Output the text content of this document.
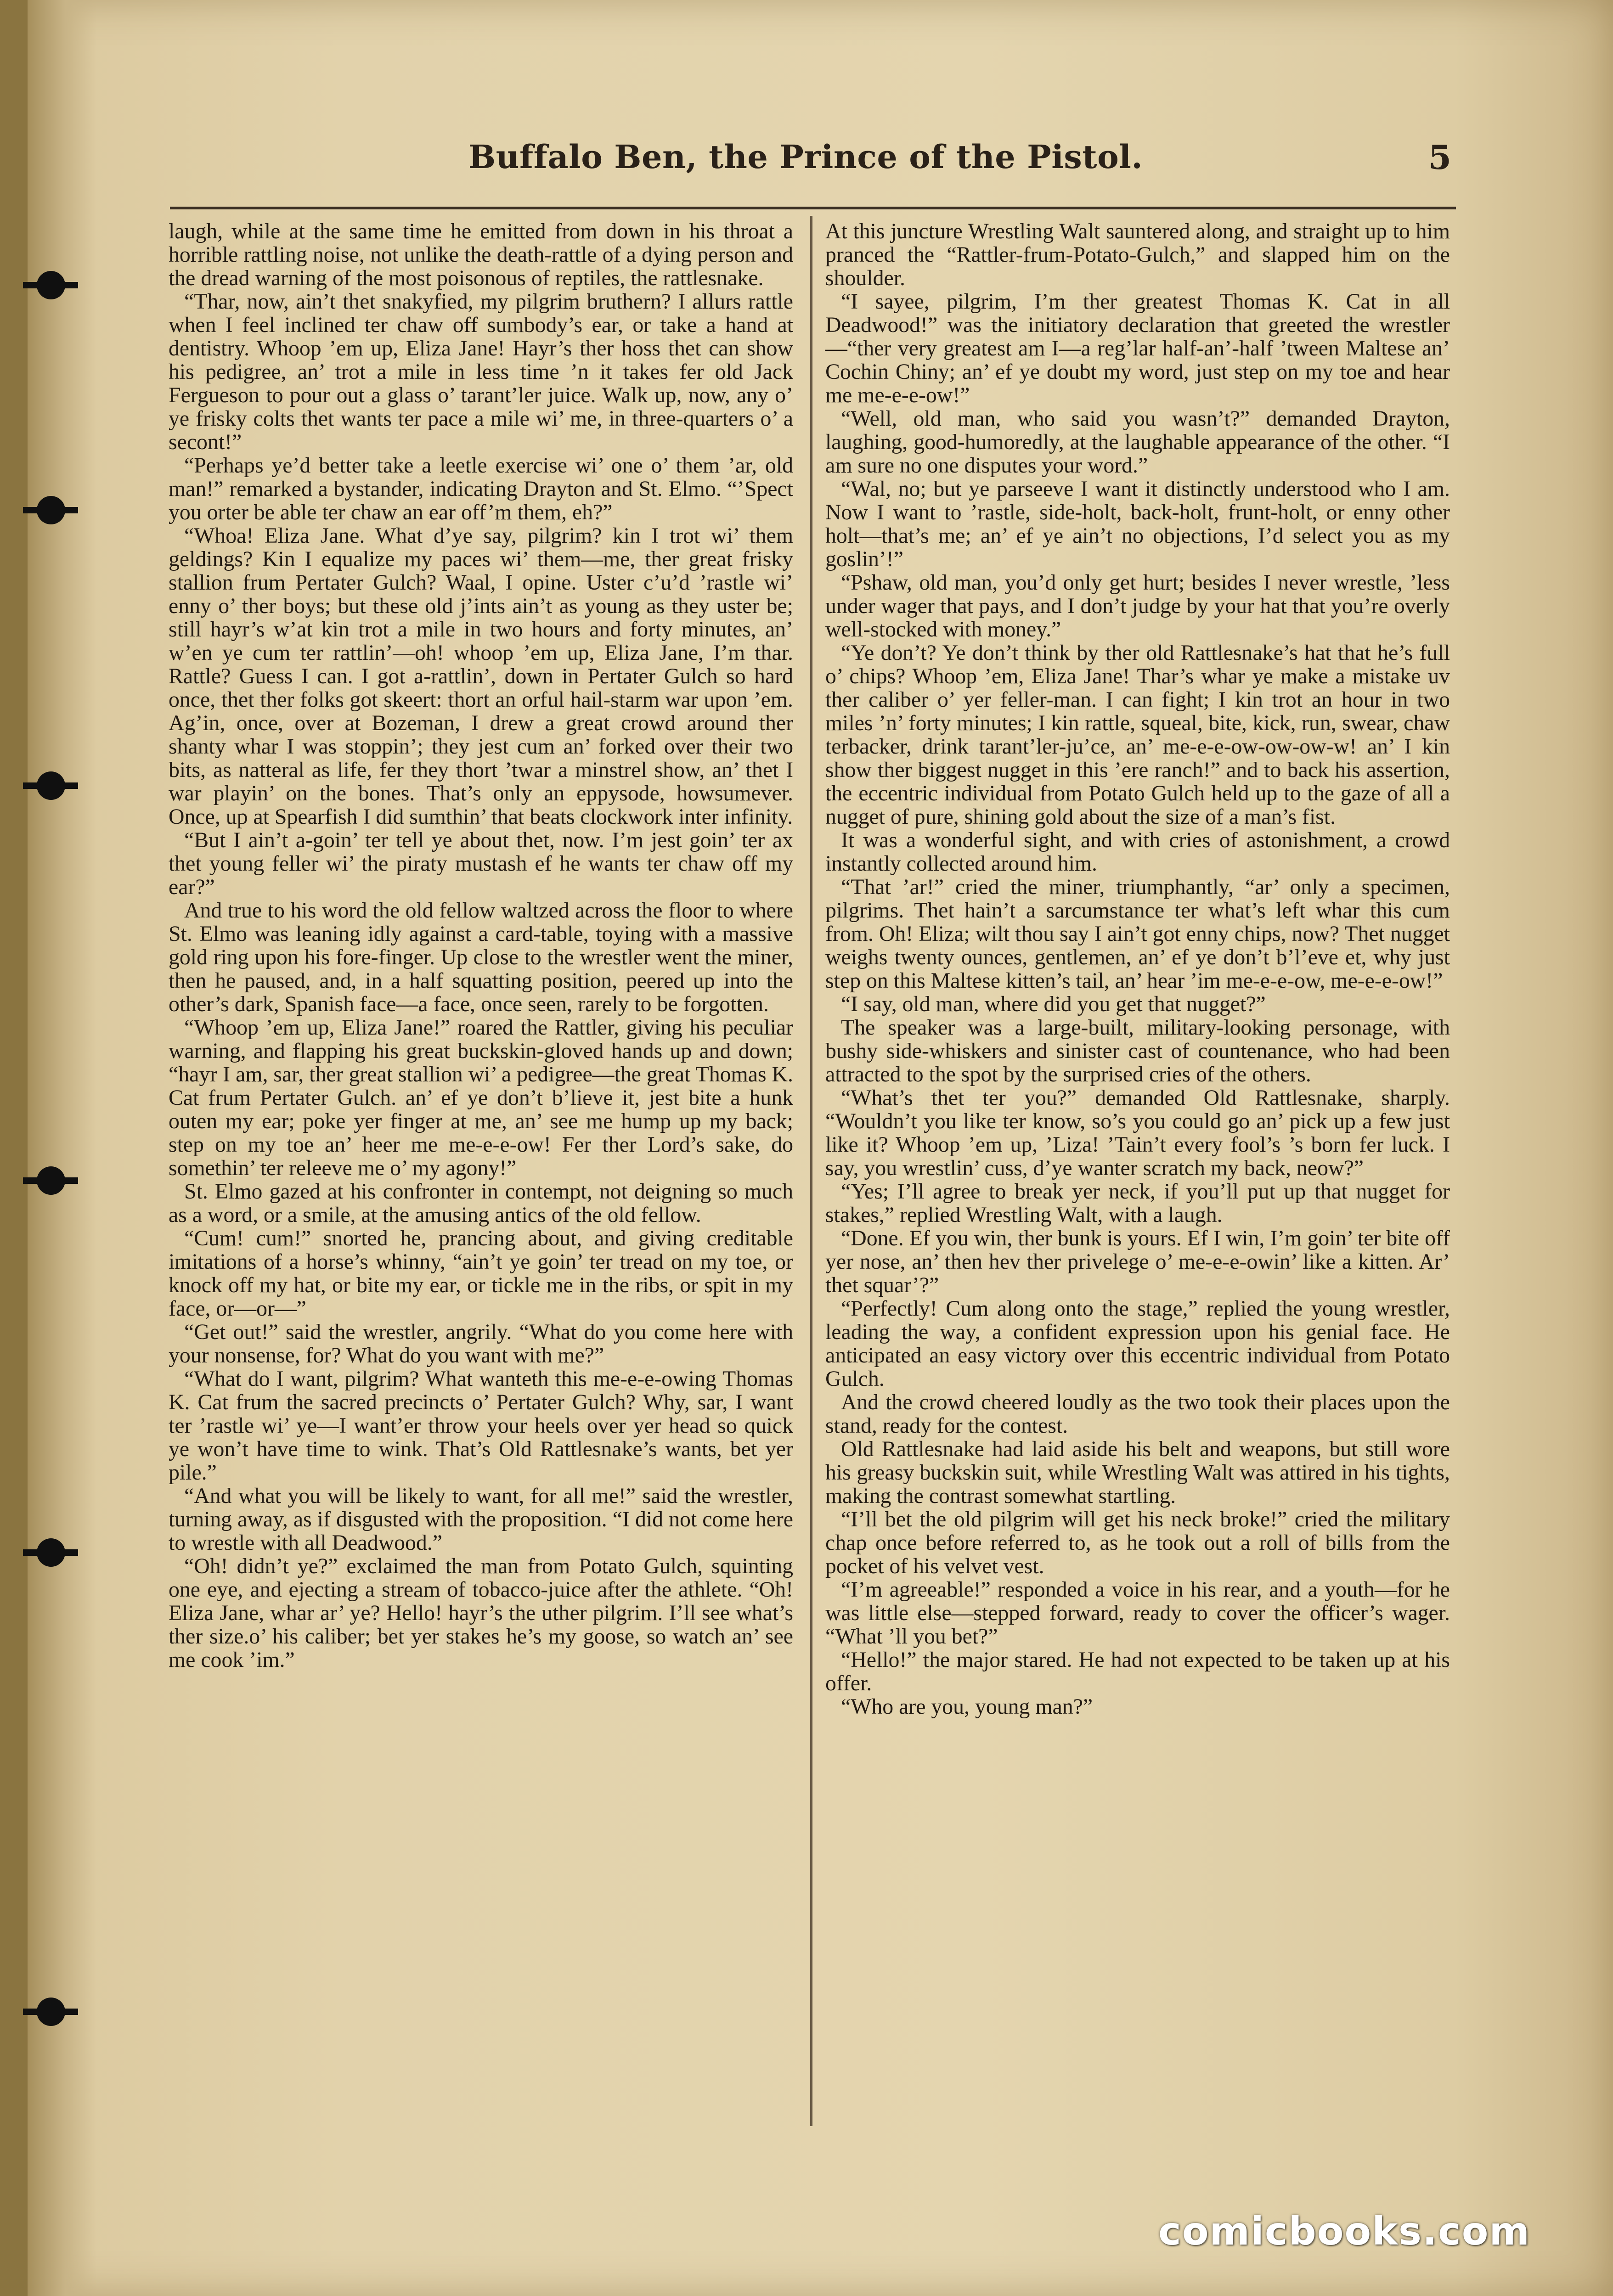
Buffalo Ben, the Prince of the Pistol.	5

laugh, while at the same time he emitted from down in his throat a horrible rattling noise, not unlike the death-rattle of a dying person and the dread warning of the most poisonous of reptiles, the rattlesnake.

“Thar, now, ain’t thet snakyfied, my pilgrim bruthern? I allurs rattle when I feel inclined ter chaw off sumbody’s ear, or take a hand at dentistry. Whoop ’em up, Eliza Jane! Hayr’s ther hoss thet can show his pedigree, an’ trot a mile in less time ’n it takes fer old Jack Fergueson to pour out a glass o’ tarant’ler juice. Walk up, now, any o’ ye frisky colts thet wants ter pace a mile wi’ me, in three-quarters o’ a secont!”

“Perhaps ye’d better take a leetle exercise wi’ one o’ them ’ar, old man!” remarked a bystander, indicating Drayton and St. Elmo. “’Spect you orter be able ter chaw an ear off’m them, eh?”

“Whoa! Eliza Jane. What d’ye say, pilgrim? kin I trot wi’ them geldings? Kin I equalize my paces wi’ them—me, ther great frisky stallion frum Pertater Gulch? Waal, I opine. Uster c’u’d ’rastle wi’ enny o’ ther boys; but these old j’ints ain’t as young as they uster be; still hayr’s w’at kin trot a mile in two hours and forty minutes, an’ w’en ye cum ter rattlin’—oh! whoop ’em up, Eliza Jane, I’m thar. Rattle? Guess I can. I got a-rattlin’, down in Pertater Gulch so hard once, thet ther folks got skeert: thort an orful hail-starm war upon ’em. Ag’in, once, over at Bozeman, I drew a great crowd around ther shanty whar I was stoppin’; they jest cum an’ forked over their two bits, as natteral as life, fer they thort ’twar a minstrel show, an’ thet I war playin’ on the bones. That’s only an eppysode, howsumever. Once, up at Spearfish I did sumthin’ that beats clockwork inter infinity.

“But I ain’t a-goin’ ter tell ye about thet, now. I’m jest goin’ ter ax thet young feller wi’ the piraty mustash ef he wants ter chaw off my ear?”

And true to his word the old fellow waltzed across the floor to where St. Elmo was leaning idly against a card-table, toying with a massive gold ring upon his fore-finger. Up close to the wrestler went the miner, then he paused, and, in a half squatting position, peered up into the other’s dark, Spanish face—a face, once seen, rarely to be forgotten.

“Whoop ’em up, Eliza Jane!” roared the Rattler, giving his peculiar warning, and flapping his great buckskin-gloved hands up and down; “hayr I am, sar, ther great stallion wi’ a pedigree—the great Thomas K. Cat frum Pertater Gulch. an’ ef ye don’t b’lieve it, jest bite a hunk outen my ear; poke yer finger at me, an’ see me hump up my back; step on my toe an’ heer me me-e-e-ow! Fer ther Lord’s sake, do somethin’ ter releeve me o’ my agony!”

St. Elmo gazed at his confronter in contempt, not deigning so much as a word, or a smile, at the amusing antics of the old fellow.

“Cum! cum!” snorted he, prancing about, and giving creditable imitations of a horse’s whinny, “ain’t ye goin’ ter tread on my toe, or knock off my hat, or bite my ear, or tickle me in the ribs, or spit in my face, or—or—”

“Get out!” said the wrestler, angrily. “What do you come here with your nonsense, for? What do you want with me?”

“What do I want, pilgrim? What wanteth this me-e-e-owing Thomas K. Cat frum the sacred precincts o’ Pertater Gulch? Why, sar, I want ter ’rastle wi’ ye—I want’er throw your heels over yer head so quick ye won’t have time to wink. That’s Old Rattlesnake’s wants, bet yer pile.”

“And what you will be likely to want, for all me!” said the wrestler, turning away, as if disgusted with the proposition. “I did not come here to wrestle with all Deadwood.”

“Oh! didn’t ye?” exclaimed the man from Potato Gulch, squinting one eye, and ejecting a stream of tobacco-juice after the athlete. “Oh! Eliza Jane, whar ar’ ye? Hello! hayr’s the uther pilgrim. I’ll see what’s ther size.o’ his caliber; bet yer stakes he’s my goose, so watch an’ see me cook ’im.”

At this juncture Wrestling Walt sauntered along, and straight up to him pranced the “Rattler-frum-Potato-Gulch,” and slapped him on the shoulder.

“I sayee, pilgrim, I’m ther greatest Thomas K. Cat in all Deadwood!” was the initiatory declaration that greeted the wrestler—“ther very greatest am I—a reg’lar half-an’-half ’tween Maltese an’ Cochin Chiny; an’ ef ye doubt my word, just step on my toe and hear me me-e-e-ow!”

“Well, old man, who said you wasn’t?” demanded Drayton, laughing, good-humoredly, at the laughable appearance of the other. “I am sure no one disputes your word.”

“Wal, no; but ye parseeve I want it distinctly understood who I am. Now I want to ’rastle, side-holt, back-holt, frunt-holt, or enny other holt—that’s me; an’ ef ye ain’t no objections, I’d select you as my goslin’!”

“Pshaw, old man, you’d only get hurt; besides I never wrestle, ’less under wager that pays, and I don’t judge by your hat that you’re overly well-stocked with money.”

“Ye don’t? Ye don’t think by ther old Rattlesnake’s hat that he’s full o’ chips? Whoop ’em, Eliza Jane! Thar’s whar ye make a mistake uv ther caliber o’ yer feller-man. I can fight; I kin trot an hour in two miles ’n’ forty minutes; I kin rattle, squeal, bite, kick, run, swear, chaw terbacker, drink tarant’ler-ju’ce, an’ me-e-e-ow-ow-ow-w! an’ I kin show ther biggest nugget in this ’ere ranch!” and to back his assertion, the eccentric individual from Potato Gulch held up to the gaze of all a nugget of pure, shining gold about the size of a man’s fist.

It was a wonderful sight, and with cries of astonishment, a crowd instantly collected around him.

“That ’ar!” cried the miner, triumphantly, “ar’ only a specimen, pilgrims. Thet hain’t a sarcumstance ter what’s left whar this cum from. Oh! Eliza; wilt thou say I ain’t got enny chips, now? Thet nugget weighs twenty ounces, gentlemen, an’ ef ye don’t b’l’eve et, why just step on this Maltese kitten’s tail, an’ hear ’im me-e-e-ow, me-e-e-ow!”

“I say, old man, where did you get that nugget?”

The speaker was a large-built, military-looking personage, with bushy side-whiskers and sinister cast of countenance, who had been attracted to the spot by the surprised cries of the others.

“What’s thet ter you?” demanded Old Rattlesnake, sharply. “Wouldn’t you like ter know, so’s you could go an’ pick up a few just like it? Whoop ’em up, ’Liza! ’Tain’t every fool’s ’s born fer luck. I say, you wrestlin’ cuss, d’ye wanter scratch my back, neow?”

“Yes; I’ll agree to break yer neck, if you’ll put up that nugget for stakes,” replied Wrestling Walt, with a laugh.

“Done. Ef you win, ther bunk is yours. Ef I win, I’m goin’ ter bite off yer nose, an’ then hev ther privelege o’ me-e-e-owin’ like a kitten. Ar’ thet squar’?”

“Perfectly! Cum along onto the stage,” replied the young wrestler, leading the way, a confident expression upon his genial face. He anticipated an easy victory over this eccentric individual from Potato Gulch.

And the crowd cheered loudly as the two took their places upon the stand, ready for the contest.

Old Rattlesnake had laid aside his belt and weapons, but still wore his greasy buckskin suit, while Wrestling Walt was attired in his tights, making the contrast somewhat startling.

“I’ll bet the old pilgrim will get his neck broke!” cried the military chap once before referred to, as he took out a roll of bills from the pocket of his velvet vest.

“I’m agreeable!” responded a voice in his rear, and a youth—for he was little else—stepped forward, ready to cover the officer’s wager. “What ’ll you bet?”

“Hello!” the major stared. He had not expected to be taken up at his offer.

“Who are you, young man?”

comicbooks.com
